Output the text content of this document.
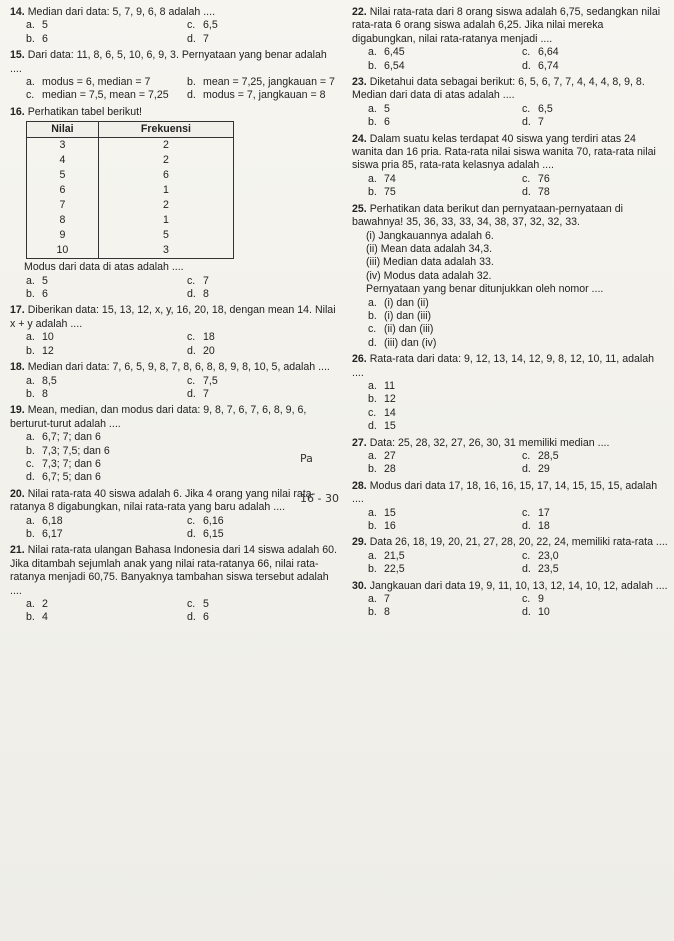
14. Median dari data: 5, 7, 9, 6, 8 adalah ....
a. 5	c. 6,5
b. 6	d. 7
15. Dari data: 11, 8, 6, 5, 10, 6, 9, 3. Pernyataan yang benar adalah ....
a. modus = 6, median = 7	b. mean = 7,25, jangkauan = 7
c. median = 7,5, mean = 7,25	d. modus = 7, jangkauan = 8
16. Perhatikan tabel berikut!
Nilai	Frekuensi
3	2
4	2
5	6
6	1
7	2
8	1
9	5
10	3
Modus dari data di atas adalah ....
a. 5	c. 7
b. 6	d. 8
17. Diberikan data: 15, 13, 12, x, y, 16, 20, 18, dengan mean 14. Nilai x + y adalah ....
a. 10	c. 18
b. 12	d. 20
18. Median dari data: 7, 6, 5, 9, 8, 7, 8, 6, 8, 8, 9, 8, 10, 5, adalah ....
a. 8,5	c. 7,5
b. 8	d. 7
19. Mean, median, dan modus dari data: 9, 8, 7, 6, 7, 6, 8, 9, 6, berturut-turut adalah ....
a. 6,7; 7; dan 6
b. 7,3; 7,5; dan 6
c. 7,3; 7; dan 6
d. 6,7; 5; dan 6
20. Nilai rata-rata 40 siswa adalah 6. Jika 4 orang yang nilai rata-ratanya 8 digabungkan, nilai rata-rata yang baru adalah ....
a. 6,18	c. 6,16
b. 6,17	d. 6,15
21. Nilai rata-rata ulangan Bahasa Indonesia dari 14 siswa adalah 60. Jika ditambah sejumlah anak yang nilai rata-ratanya 66, nilai rata-ratanya menjadi 60,75. Banyaknya tambahan siswa tersebut adalah ....
a. 2	c. 5
b. 4	d. 6
22. Nilai rata-rata dari 8 orang siswa adalah 6,75, sedangkan nilai rata-rata 6 orang siswa adalah 6,25. Jika nilai mereka digabungkan, nilai rata-ratanya menjadi ....
a. 6,45	c. 6,64
b. 6,54	d. 6,74
23. Diketahui data sebagai berikut: 6, 5, 6, 7, 7, 4, 4, 4, 8, 9, 8. Median dari data di atas adalah ....
a. 5	c. 6,5
b. 6	d. 7
24. Dalam suatu kelas terdapat 40 siswa yang terdiri atas 24 wanita dan 16 pria. Rata-rata nilai siswa wanita 70, rata-rata nilai siswa pria 85, rata-rata kelasnya adalah ....
a. 74	c. 76
b. 75	d. 78
25. Perhatikan data berikut dan pernyataan-pernyataan di bawahnya! 35, 36, 33, 33, 34, 38, 37, 32, 32, 33.
(i) Jangkauannya adalah 6.
(ii) Mean data adalah 34,3.
(iii) Median data adalah 33.
(iv) Modus data adalah 32.
Pernyataan yang benar ditunjukkan oleh nomor ....
a. (i) dan (ii)
b. (i) dan (iii)
c. (ii) dan (iii)
d. (iii) dan (iv)
26. Rata-rata dari data: 9, 12, 13, 14, 12, 9, 8, 12, 10, 11, adalah ....
a. 11
b. 12
c. 14
d. 15
27. Data: 25, 28, 32, 27, 26, 30, 31 memiliki median ....
a. 27	c. 28,5
b. 28	d. 29
28. Modus dari data 17, 18, 16, 16, 15, 17, 14, 15, 15, 15, adalah ....
a. 15	c. 17
b. 16	d. 18
29. Data 26, 18, 19, 20, 21, 27, 28, 20, 22, 24, memiliki rata-rata ....
a. 21,5	c. 23,0
b. 22,5	d. 23,5
30. Jangkauan dari data 19, 9, 11, 10, 13, 12, 14, 10, 12, adalah ....
a. 7	c. 9
b. 8	d. 10
Pa
16 - 30
